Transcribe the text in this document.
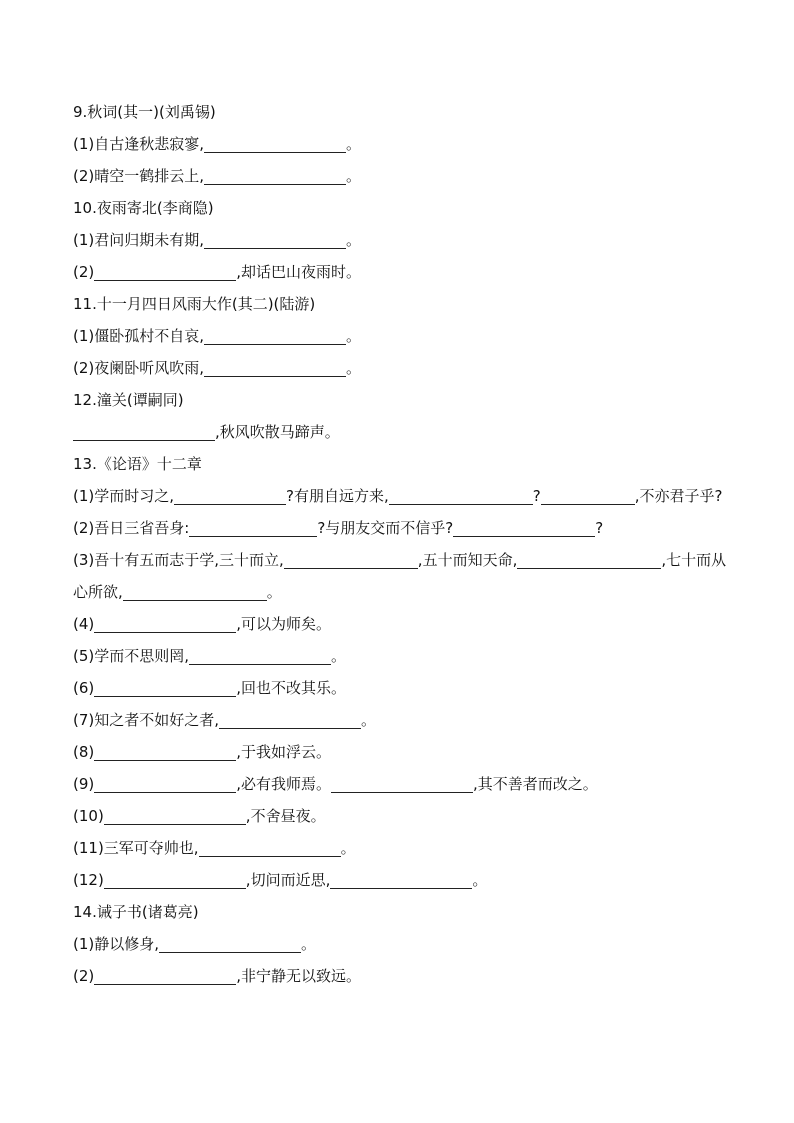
9.秋词(其一)(刘禹锡)
(1)自古逢秋悲寂寥,	。
(2)晴空一鹤排云上,	。
10.夜雨寄北(李商隐)
(1)君问归期未有期,	。
(2)	,却话巴山夜雨时。
11.十一月四日风雨大作(其二)(陆游)
(1)僵卧孤村不自哀,	。
(2)夜阑卧听风吹雨,	。
12.潼关(谭嗣同)
,秋风吹散马蹄声。
13.《论语》十二章
(1)学而时习之,	?有朋自远方来,	?	,不亦君子乎?
(2)吾日三省吾身:	?与朋友交而不信乎?	?
(3)吾十有五而志于学,三十而立,	,五十而知天命,	,七十而从心所欲,	。
(4)	,可以为师矣。
(5)学而不思则罔,	。
(6)	,回也不改其乐。
(7)知之者不如好之者,	。
(8)	,于我如浮云。
(9)	,必有我师焉。	,其不善者而改之。
(10)	,不舍昼夜。
(11)三军可夺帅也,	。
(12)	,切问而近思,	。
14.诫子书(诸葛亮)
(1)静以修身,	。
(2)	,非宁静无以致远。
